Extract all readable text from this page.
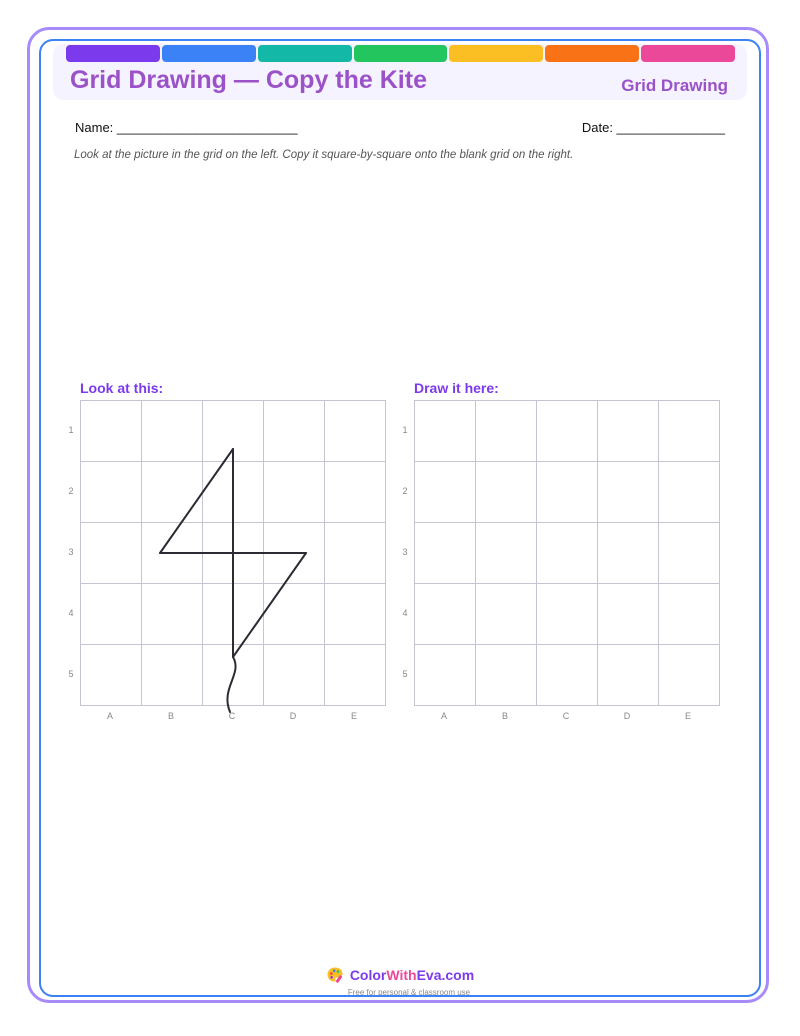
Grid Drawing — Copy the Kite	Grid Drawing
Name: _________________________	Date: _______________
Look at the picture in the grid on the left. Copy it square-by-square onto the blank grid on the right.
Look at this:	Draw it here:
1
2
3
4
5
1
2
3
4
5
A	B	C	D	E	A	B	C	D	E
ColorWithEva.com
Free for personal & classroom use
